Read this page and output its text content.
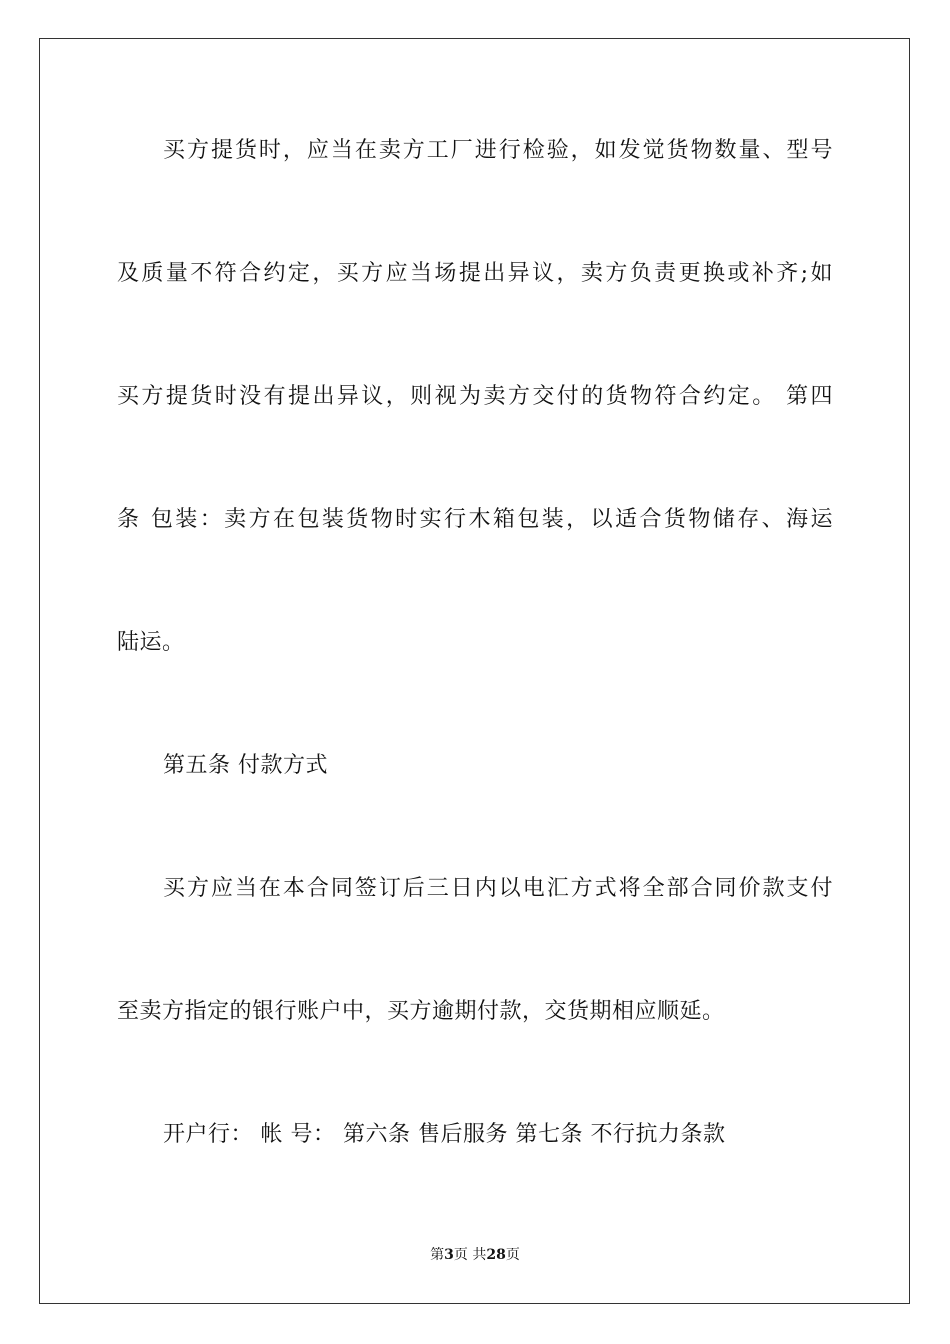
买方提货时，应当在卖方工厂进行检验，如发觉货物数量、型号
及质量不符合约定，买方应当场提出异议，卖方负责更换或补齐;如
买方提货时没有提出异议，则视为卖方交付的货物符合约定。 第四
条 包装：卖方在包装货物时实行木箱包装，以适合货物储存、海运
陆运。
第五条 付款方式
买方应当在本合同签订后三日内以电汇方式将全部合同价款支付
至卖方指定的银行账户中，买方逾期付款，交货期相应顺延。
开户行： 帐 号： 第六条 售后服务 第七条 不行抗力条款
第3页 共28页
